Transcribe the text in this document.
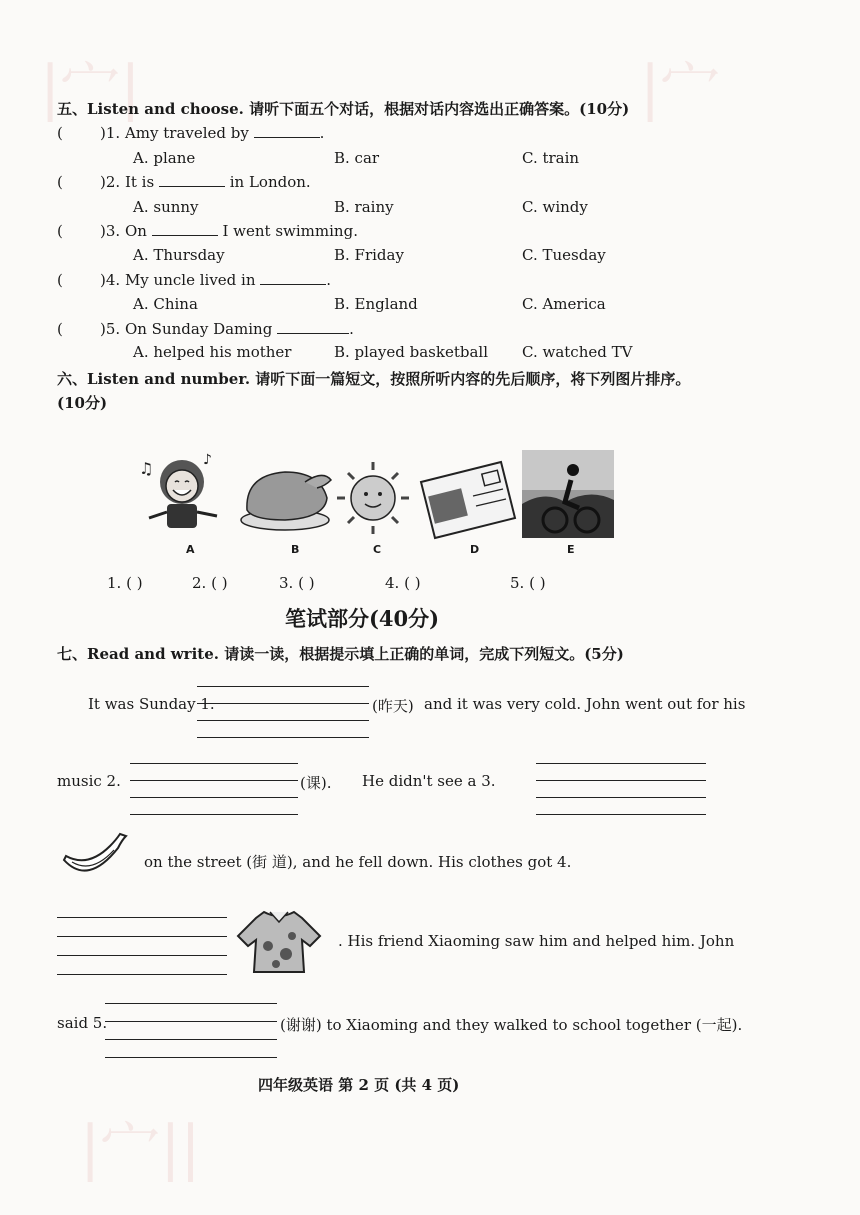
|宀|	|宀
|宀||
五、Listen and choose. 请听下面五个对话，根据对话内容选出正确答案。(10分)
( )1. Amy traveled by	.
A. plane	B. car	C. train
( )2. It is	in London.
A. sunny	B. rainy	C. windy
( )3. On	I went swimming.
A. Thursday	B. Friday	C. Tuesday
( )4. My uncle lived in	.
A. China	B. England	C. America
( )5. On Sunday Daming	.
A. helped his mother	B. played basketball C. watched TV
六、Listen and number. 请听下面一篇短文，按照所听内容的先后顺序，将下列图片排序。
(10分)
♫	♪
A	B	C	D	E
1. ( )	2. ( )	3. ( )	4. ( )	5. ( )
笔试部分(40分)
七、Read and write. 请读一读，根据提示填上正确的单词，完成下列短文。(5分)
It was Sunday 1.	(昨天) and it was very cold. John went out for his
music 2.	(课). He didn't see a 3.
on the street (街 道), and he fell down. His clothes got 4.
. His friend Xiaoming saw him and helped him. John
said 5.	(谢谢) to Xiaoming and they walked to school together (一起).
四年级英语 第 2 页 (共 4 页)
